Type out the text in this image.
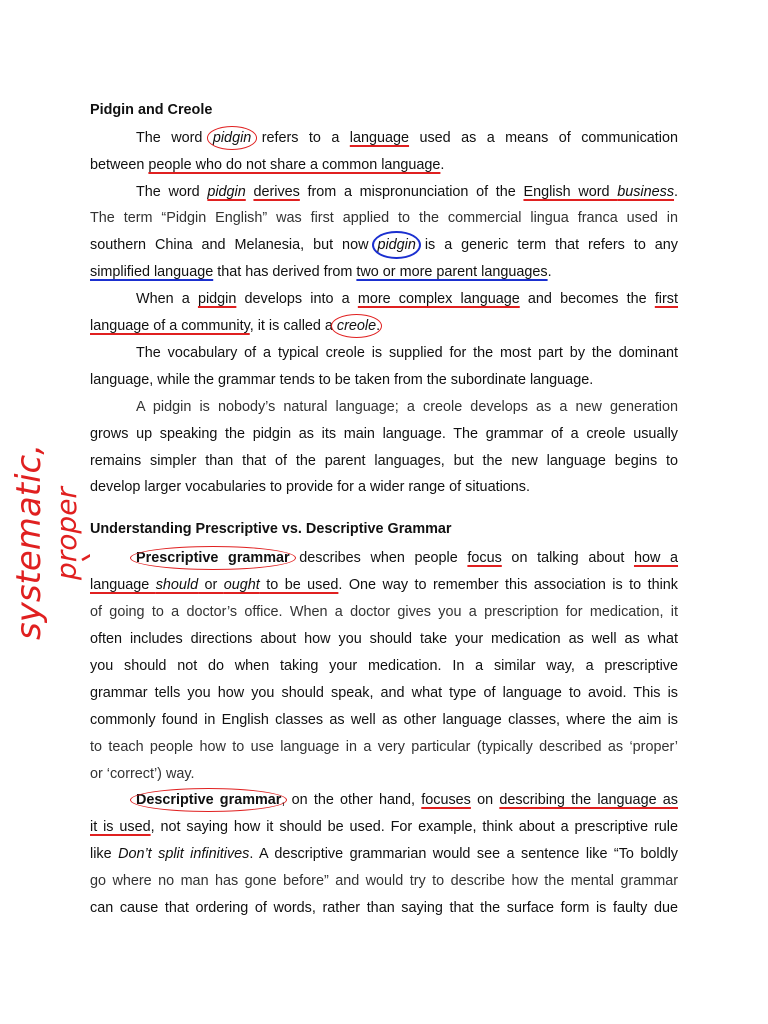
Pidgin and Creole
The word pidgin refers to a language used as a means of communication
between people who do not share a common language.
The word pidgin derives from a mispronunciation of the English word business.
The term “Pidgin English” was first applied to the commercial lingua franca used in
southern China and Melanesia, but now pidgin is a generic term that refers to any
simplified language that has derived from two or more parent languages.
When a pidgin develops into a more complex language and becomes the first
language of a community, it is called a creole.
The vocabulary of a typical creole is supplied for the most part by the dominant
language, while the grammar tends to be taken from the subordinate language.
A pidgin is nobody’s natural language; a creole develops as a new generation
grows up speaking the pidgin as its main language. The grammar of a creole usually
remains simpler than that of the parent languages, but the new language begins to
develop larger vocabularies to provide for a wider range of situations.
Understanding Prescriptive vs. Descriptive Grammar
Prescriptive grammar describes when people focus on talking about how a
language should or ought to be used. One way to remember this association is to think
of going to a doctor’s office. When a doctor gives you a prescription for medication, it
often includes directions about how you should take your medication as well as what
you should not do when taking your medication. In a similar way, a prescriptive
grammar tells you how you should speak, and what type of language to avoid. This is
commonly found in English classes as well as other language classes, where the aim is
to teach people how to use language in a very particular (typically described as ‘proper’
or ‘correct’) way.
Descriptive grammar, on the other hand, focuses on describing the language as
it is used, not saying how it should be used. For example, think about a prescriptive rule
like Don’t split infinitives. A descriptive grammarian would see a sentence like “To boldly
go where no man has gone before” and would try to describe how the mental grammar
can cause that ordering of words, rather than saying that the surface form is faulty due
systematic, proper
